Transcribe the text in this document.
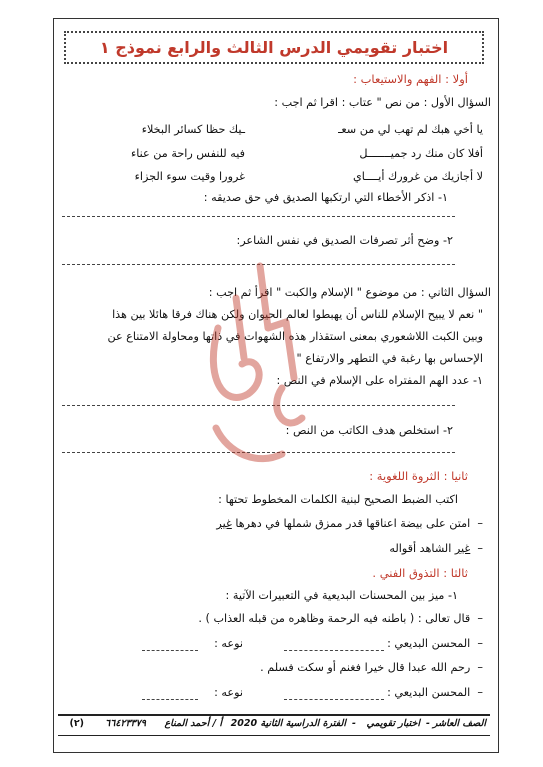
اختبار تقويمي الدرس الثالث والرابع نموذج ١
أولا : الفهم والاستيعاب :
السؤال الأول : من نص " عتاب : اقرا ثم اجب :
يا أخي هبك لم تهب لي من سعـ
ـيك حظا كسائر البخلاء
أفلا كان منك رد جميـــــــل
فيه للنفس راحة من عناء
لا أجازيك من غرورك أيــــاي
غرورا وقيت سوء الجزاء
١- اذكر الأخطاء التي ارتكبها الصديق في حق صديقه :
٢- وضح أثر تصرفات الصديق في نفس الشاعر:
السؤال الثاني : من موضوع " الإسلام والكبت " اقرأ ثم اجب :
" نعم لا يبيح الإسلام للناس أن يهبطوا لعالم الحيوان ولكن هناك فرقا هائلا بين هذا
وبين الكبت اللاشعوري بمعنى استقذار هذه الشهوات في ذاتها ومحاولة الامتناع عن
الإحساس بها رغبة في التطهر والارتفاع "
١- عدد الهم المفتراه على الإسلام في النص :
٢- استخلص هدف الكاتب من النص :
ثانيا : الثروة اللغوية :
اكتب الضبط الصحيح لبنية الكلمات المخطوط تحتها :
–  امتن على بيضة اعناقها قدر ممزق شملها في دهرها غير
–  غير الشاهد أقواله
ثالثا : التذوق الفني .
١- ميز بين المحسنات البديعية في التعبيرات الآتية :
–  قال تعالى : ( باطنه فيه الرحمة وظاهره من قبله العذاب ) .
–  المحسن البديعي :
نوعه :
–  رحم الله عبدا قال خيرا فغنم أو سكت فسلم .
–  المحسن البديعي :
نوعه :
الصف العاشر
-
اختبار تقويمي
-
الفترة الدراسية الثانية 2020
أ / أحمد المناع
٦٦٤٢٣٣٧٩
(٢)
